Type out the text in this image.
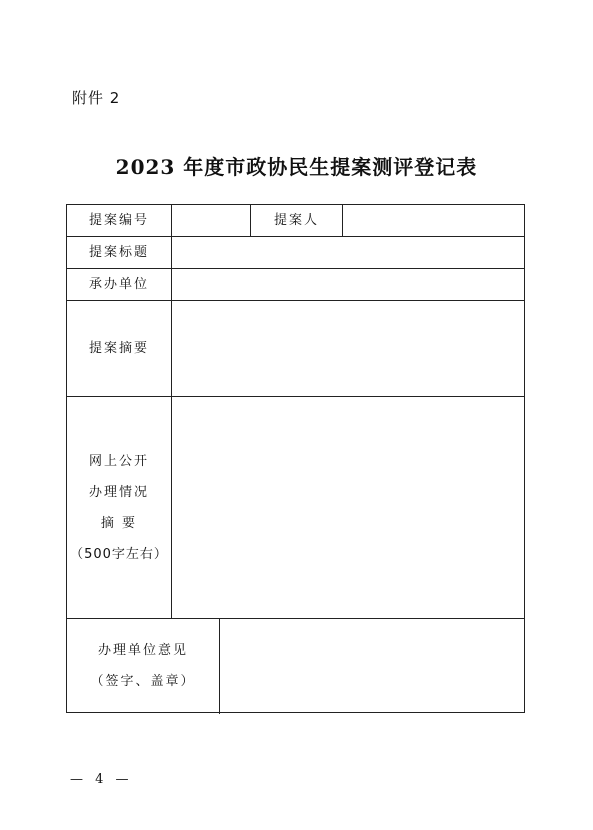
附件 2
2023 年度市政协民生提案测评登记表
提案编号	提案人
提案标题
承办单位
提案摘要
网上公开
办理情况
摘 要
（500字左右）
办理单位意见
（签字、盖章）
— 4 —
